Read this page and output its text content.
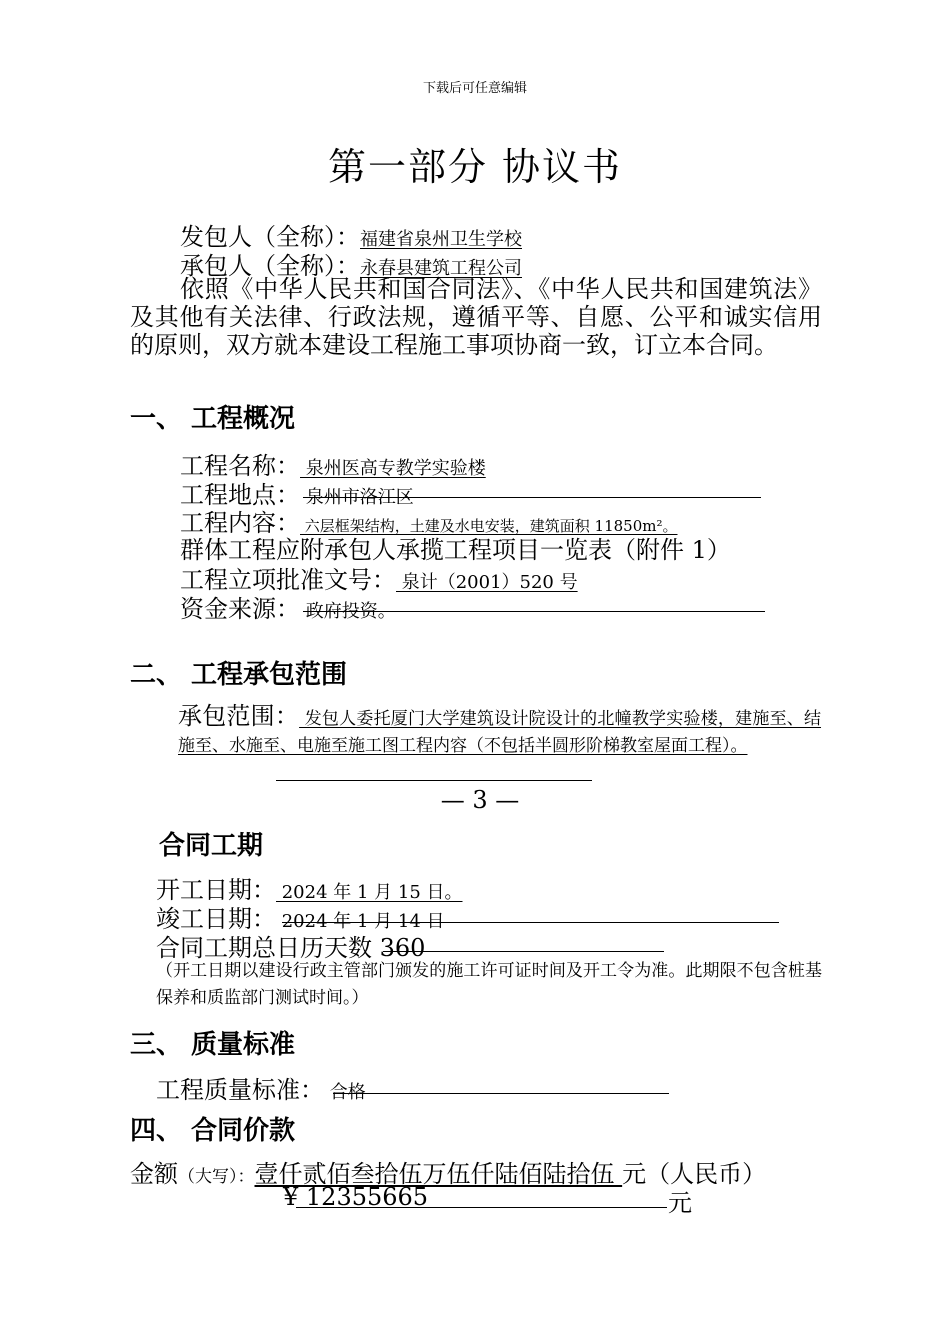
下载后可任意编辑
第一部分 协议书
发包人（全称）：福建省泉州卫生学校
承包人（全称）：永春县建筑工程公司
依照《中华人民共和国合同法》、《中华人民共和国建筑法》及其他有关法律、行政法规，遵循平等、自愿、公平和诚实信用的原则，双方就本建设工程施工事项协商一致，订立本合同。
一、 工程概况
工程名称： 泉州医高专教学实验楼
工程地点： 泉州市洛江区
工程内容： 六层框架结构，土建及水电安装，建筑面积 11850m²。
群体工程应附承包人承揽工程项目一览表（附件 1）
工程立项批准文号： 泉计（2001）520 号
资金来源： 政府投资。
二、 工程承包范围
承包范围： 发包人委托厦门大学建筑设计院设计的北幢教学实验楼，建施至、结施至、水施至、电施至施工图工程内容（不包括半圆形阶梯教室屋面工程）。
— 3 —
合同工期
开工日期： 2024 年 1 月 15 日。
竣工日期： 2024 年 1 月 14 日
合同工期总日历天数 360
（开工日期以建设行政主管部门颁发的施工许可证时间及开工令为准。此期限不包含桩基保养和质监部门测试时间。）
三、 质量标准
工程质量标准： 合格
四、 合同价款
金额（大写）：壹仟贰佰叁拾伍万伍仟陆佰陆拾伍 元（人民币）
¥ 12355665	元
